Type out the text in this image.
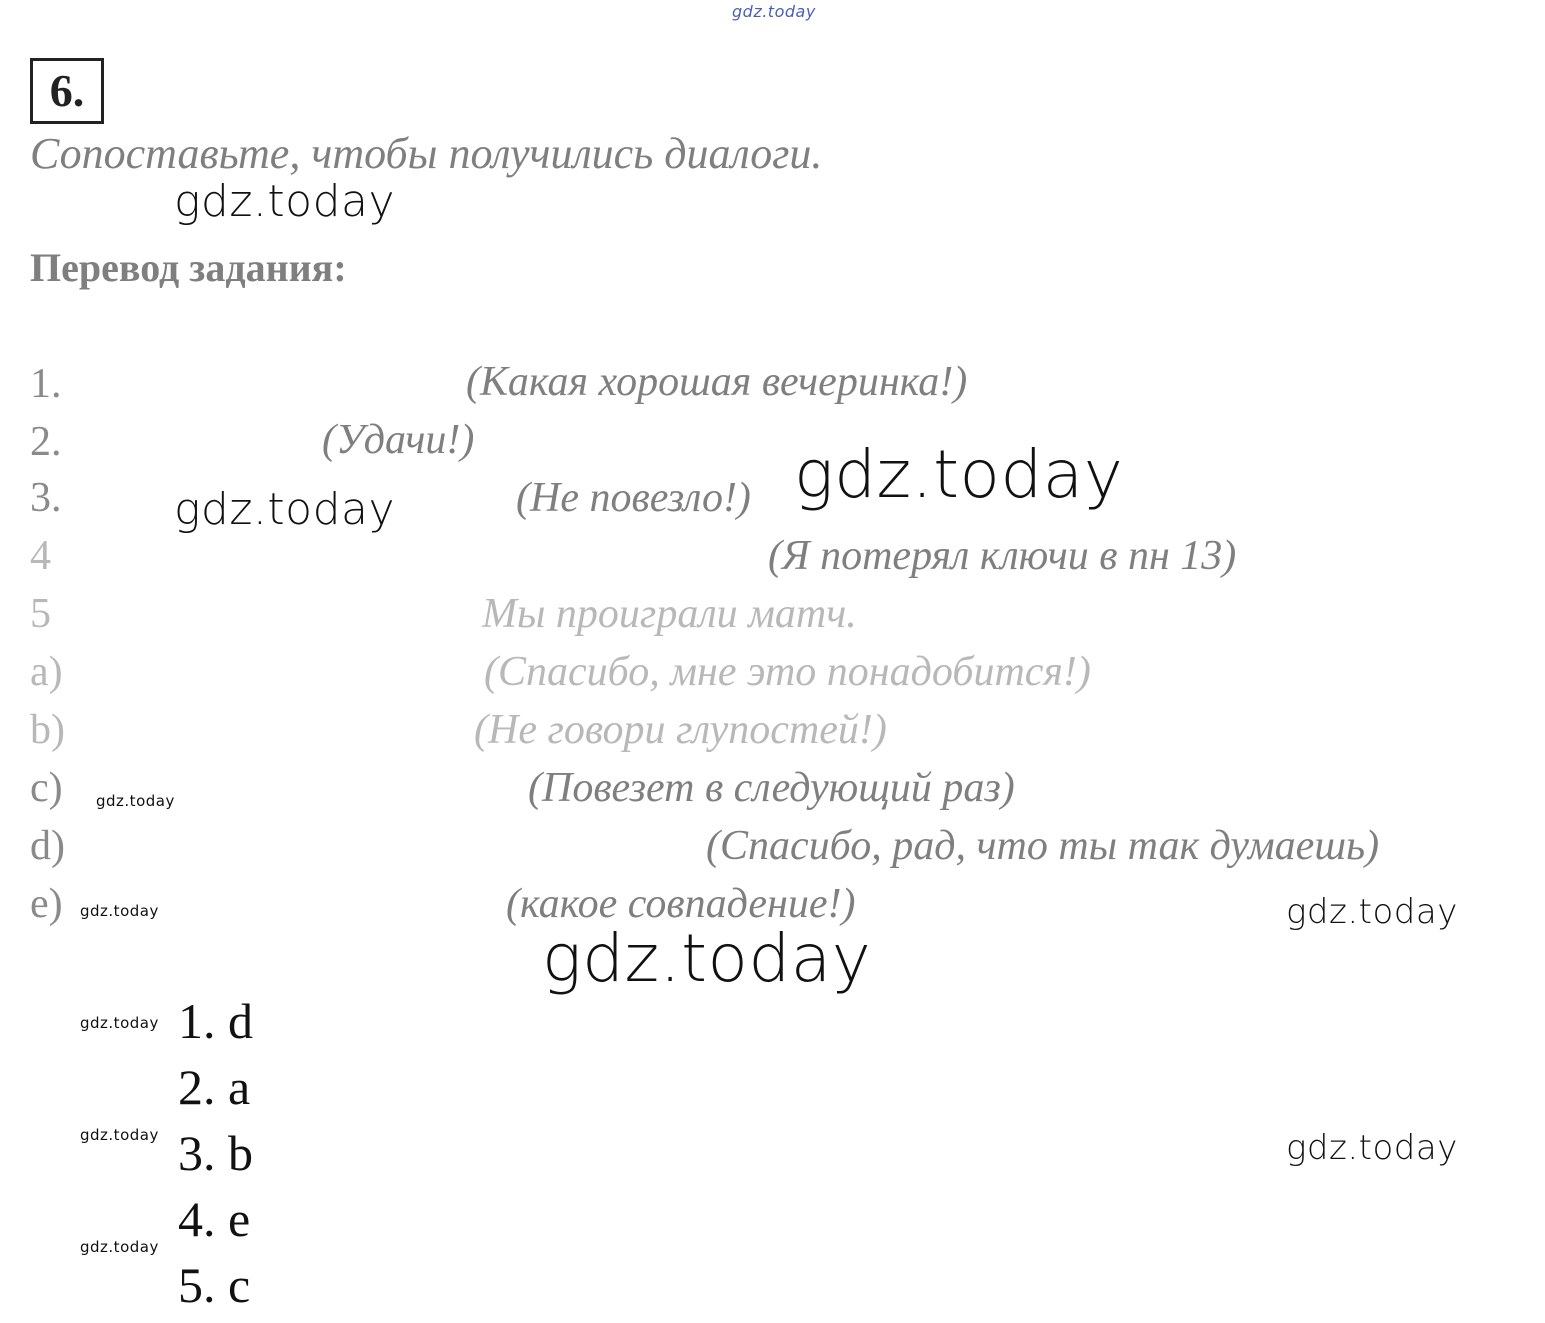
gdz.today
6.
Сопоставьте, чтобы получились диалоги.
gdz.today
Перевод задания:
1.	(Какая хорошая вечеринка!)
2.	(Удачи!)
3.	(Не повезло!)
gdz.today	gdz.today
4	(Я потерял ключи в пн 13)
5	Мы проиграли матч.
a)	(Спасибо, мне это понадобится!)
b)	(Не говори глупостей!)
c) gdz.today	(Повезет в следующий раз)
d)	(Спасибо, рад, что ты так думаешь)
e) gdz.today	(какое совпадение!)	gdz.today
gdz.today
gdz.today 1. d
2. a
gdz.today 3. b	gdz.today
gdz.today 4. e
5. c
